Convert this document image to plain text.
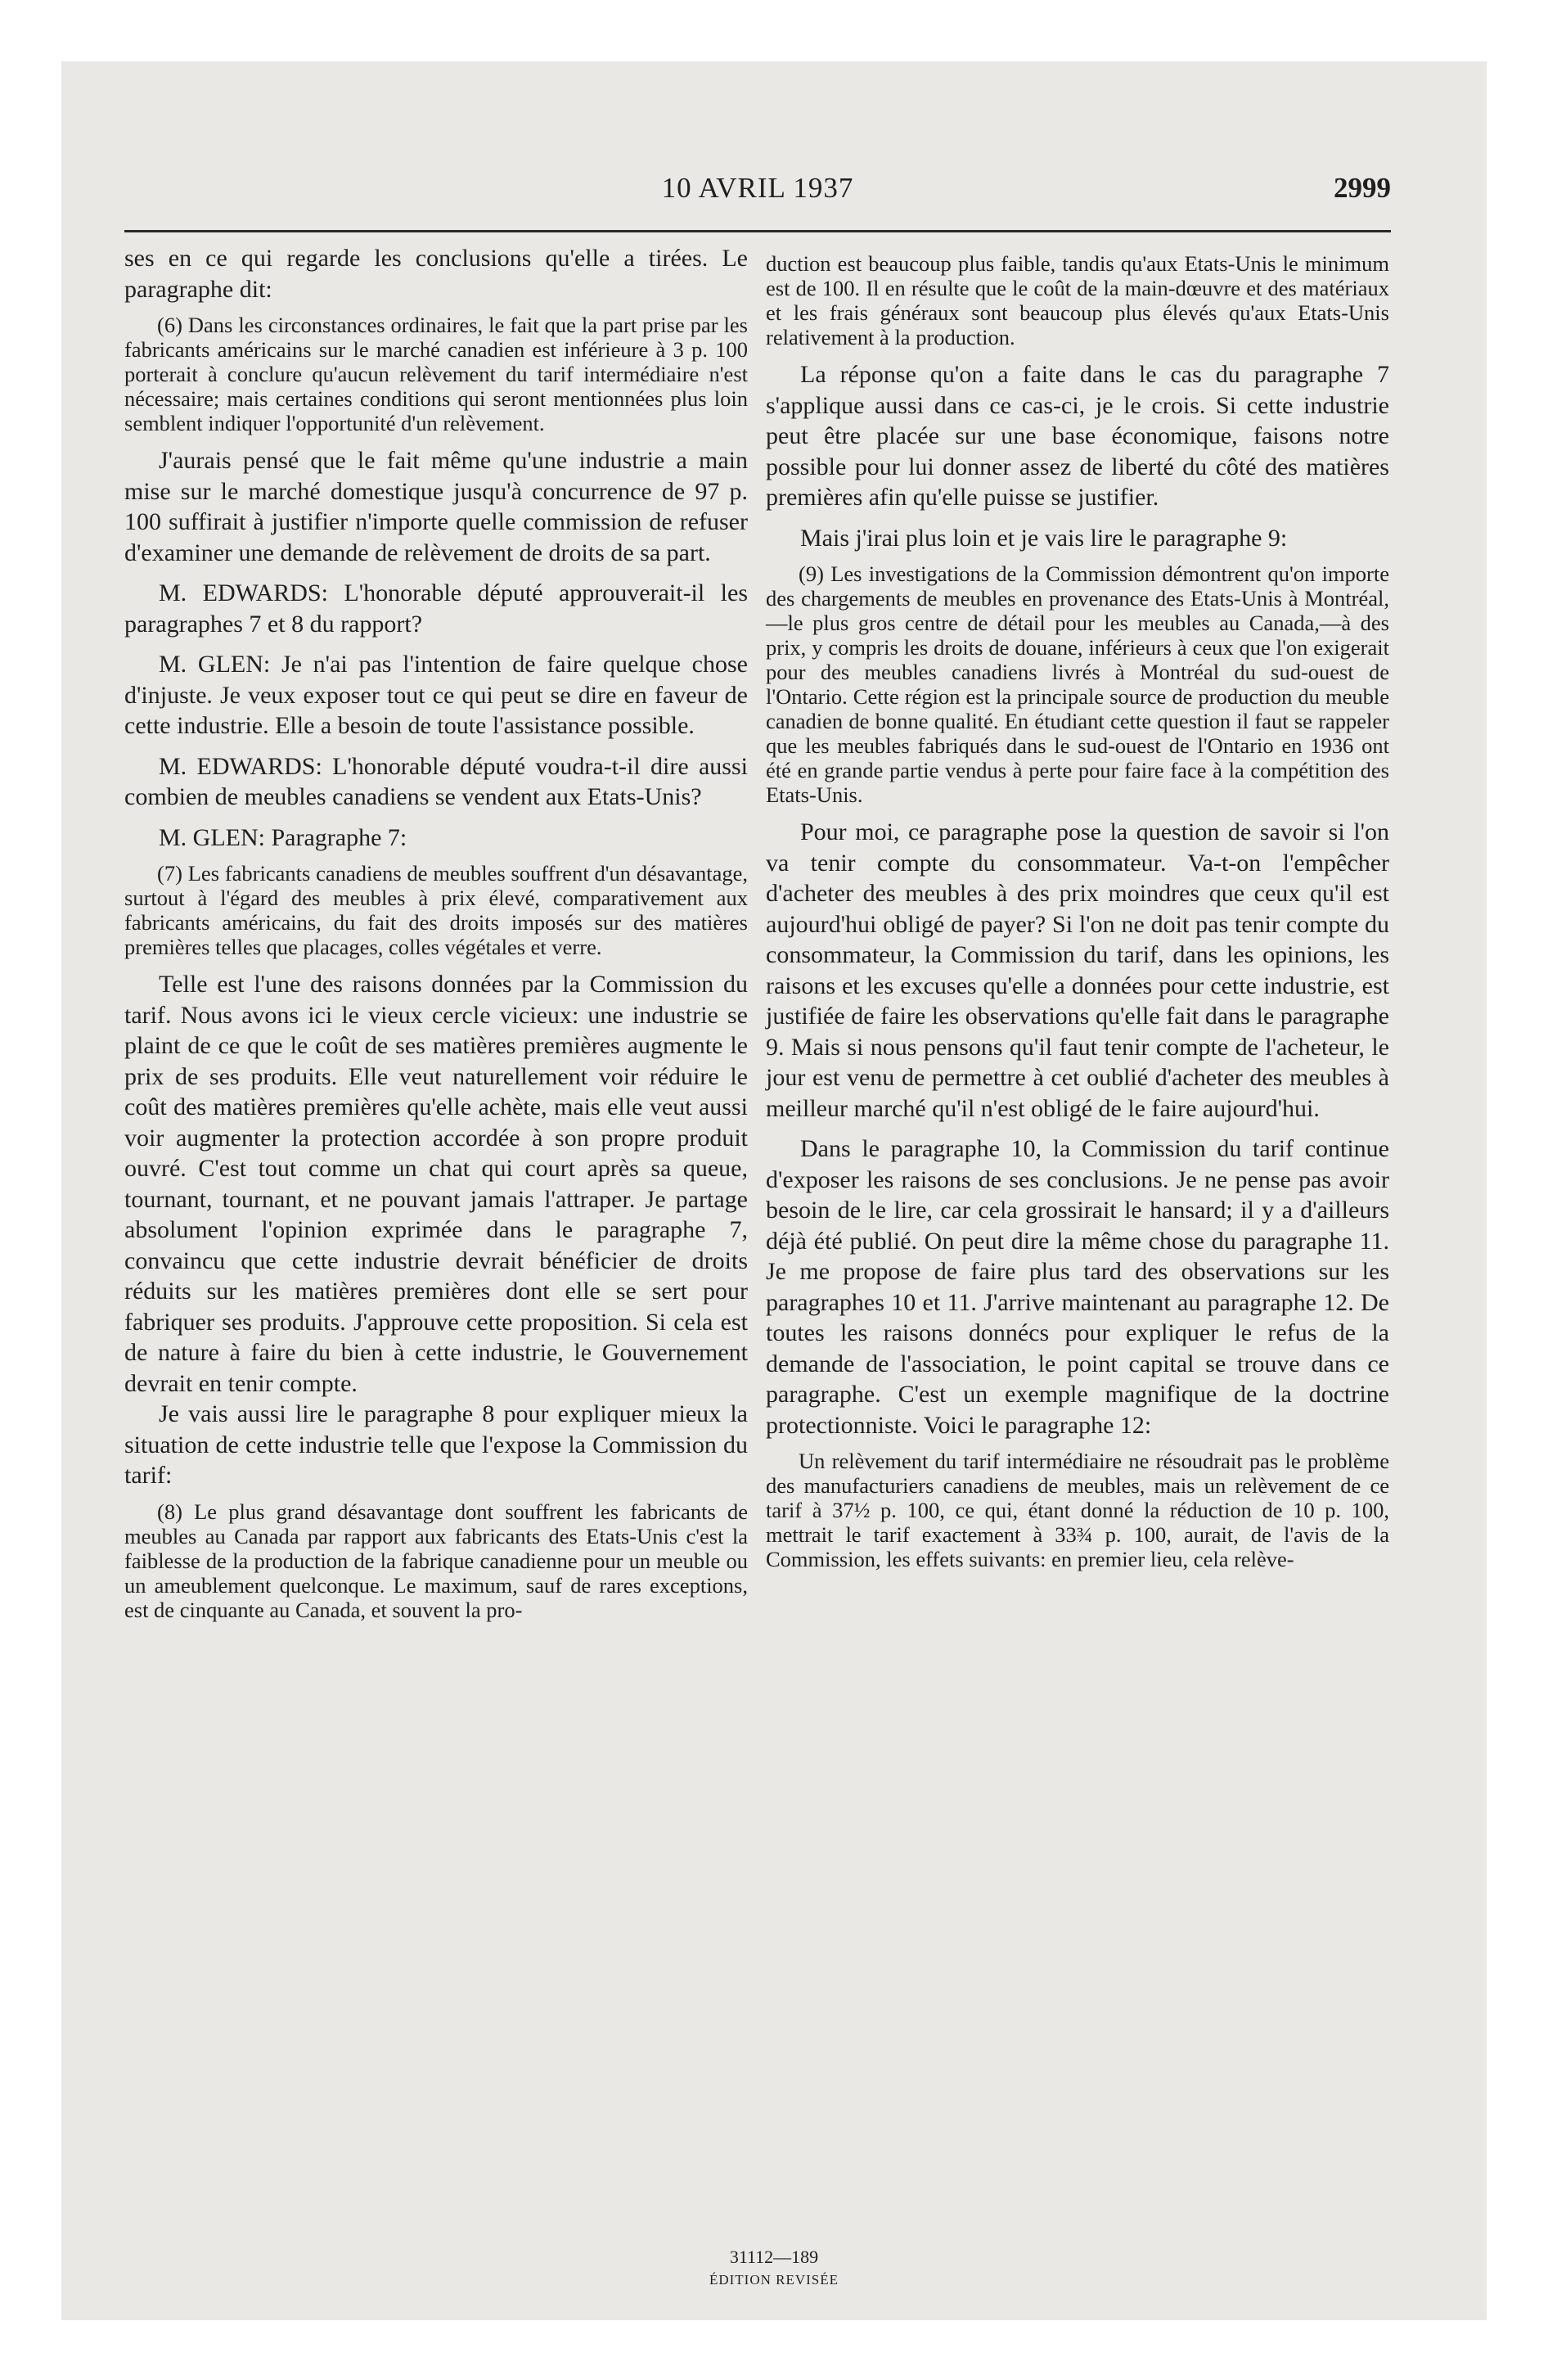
10 AVRIL 1937	2999

ses en ce qui regarde les conclusions qu'elle a tirées. Le paragraphe dit:

(6) Dans les circonstances ordinaires, le fait que la part prise par les fabricants américains sur le marché canadien est inférieure à 3 p. 100 porterait à conclure qu'aucun relèvement du tarif intermédiaire n'est nécessaire; mais certaines conditions qui seront mentionnées plus loin semblent indiquer l'opportunité d'un relèvement.

J'aurais pensé que le fait même qu'une industrie a main mise sur le marché domestique jusqu'à concurrence de 97 p. 100 suffirait à justifier n'importe quelle commission de refuser d'examiner une demande de relèvement de droits de sa part.

M. EDWARDS: L'honorable député approuverait-il les paragraphes 7 et 8 du rapport?

M. GLEN: Je n'ai pas l'intention de faire quelque chose d'injuste. Je veux exposer tout ce qui peut se dire en faveur de cette industrie. Elle a besoin de toute l'assistance possible.

M. EDWARDS: L'honorable député voudra-t-il dire aussi combien de meubles canadiens se vendent aux Etats-Unis?

M. GLEN: Paragraphe 7:

(7) Les fabricants canadiens de meubles souffrent d'un désavantage, surtout à l'égard des meubles à prix élevé, comparativement aux fabricants américains, du fait des droits imposés sur des matières premières telles que placages, colles végétales et verre.

Telle est l'une des raisons données par la Commission du tarif. Nous avons ici le vieux cercle vicieux: une industrie se plaint de ce que le coût de ses matières premières augmente le prix de ses produits. Elle veut naturellement voir réduire le coût des matières premières qu'elle achète, mais elle veut aussi voir augmenter la protection accordée à son propre produit ouvré. C'est tout comme un chat qui court après sa queue, tournant, tournant, et ne pouvant jamais l'attraper. Je partage absolument l'opinion exprimée dans le paragraphe 7, convaincu que cette industrie devrait bénéficier de droits réduits sur les matières premières dont elle se sert pour fabriquer ses produits. J'approuve cette proposition. Si cela est de nature à faire du bien à cette industrie, le Gouvernement devrait en tenir compte.

Je vais aussi lire le paragraphe 8 pour expliquer mieux la situation de cette industrie telle que l'expose la Commission du tarif:

(8) Le plus grand désavantage dont souffrent les fabricants de meubles au Canada par rapport aux fabricants des Etats-Unis c'est la faiblesse de la production de la fabrique canadienne pour un meuble ou un ameublement quelconque. Le maximum, sauf de rares exceptions, est de cinquante au Canada, et souvent la pro-

duction est beaucoup plus faible, tandis qu'aux Etats-Unis le minimum est de 100. Il en résulte que le coût de la main-dœuvre et des matériaux et les frais généraux sont beaucoup plus élevés qu'aux Etats-Unis relativement à la production.

La réponse qu'on a faite dans le cas du paragraphe 7 s'applique aussi dans ce cas-ci, je le crois. Si cette industrie peut être placée sur une base économique, faisons notre possible pour lui donner assez de liberté du côté des matières premières afin qu'elle puisse se justifier.

Mais j'irai plus loin et je vais lire le paragraphe 9:

(9) Les investigations de la Commission démontrent qu'on importe des chargements de meubles en provenance des Etats-Unis à Montréal,—le plus gros centre de détail pour les meubles au Canada,—à des prix, y compris les droits de douane, inférieurs à ceux que l'on exigerait pour des meubles canadiens livrés à Montréal du sud-ouest de l'Ontario. Cette région est la principale source de production du meuble canadien de bonne qualité. En étudiant cette question il faut se rappeler que les meubles fabriqués dans le sud-ouest de l'Ontario en 1936 ont été en grande partie vendus à perte pour faire face à la compétition des Etats-Unis.

Pour moi, ce paragraphe pose la question de savoir si l'on va tenir compte du consommateur. Va-t-on l'empêcher d'acheter des meubles à des prix moindres que ceux qu'il est aujourd'hui obligé de payer? Si l'on ne doit pas tenir compte du consommateur, la Commission du tarif, dans les opinions, les raisons et les excuses qu'elle a données pour cette industrie, est justifiée de faire les observations qu'elle fait dans le paragraphe 9. Mais si nous pensons qu'il faut tenir compte de l'acheteur, le jour est venu de permettre à cet oublié d'acheter des meubles à meilleur marché qu'il n'est obligé de le faire aujourd'hui.

Dans le paragraphe 10, la Commission du tarif continue d'exposer les raisons de ses conclusions. Je ne pense pas avoir besoin de le lire, car cela grossirait le hansard; il y a d'ailleurs déjà été publié. On peut dire la même chose du paragraphe 11. Je me propose de faire plus tard des observations sur les paragraphes 10 et 11. J'arrive maintenant au paragraphe 12. De toutes les raisons donnécs pour expliquer le refus de la demande de l'association, le point capital se trouve dans ce paragraphe. C'est un exemple magnifique de la doctrine protectionniste. Voici le paragraphe 12:

Un relèvement du tarif intermédiaire ne résoudrait pas le problème des manufacturiers canadiens de meubles, mais un relèvement de ce tarif à 37½ p. 100, ce qui, étant donné la réduction de 10 p. 100, mettrait le tarif exactement à 33¾ p. 100, aurait, de l'avis de la Commission, les effets suivants: en premier lieu, cela relève-

31112—189
ÉDITION REVISÉE
